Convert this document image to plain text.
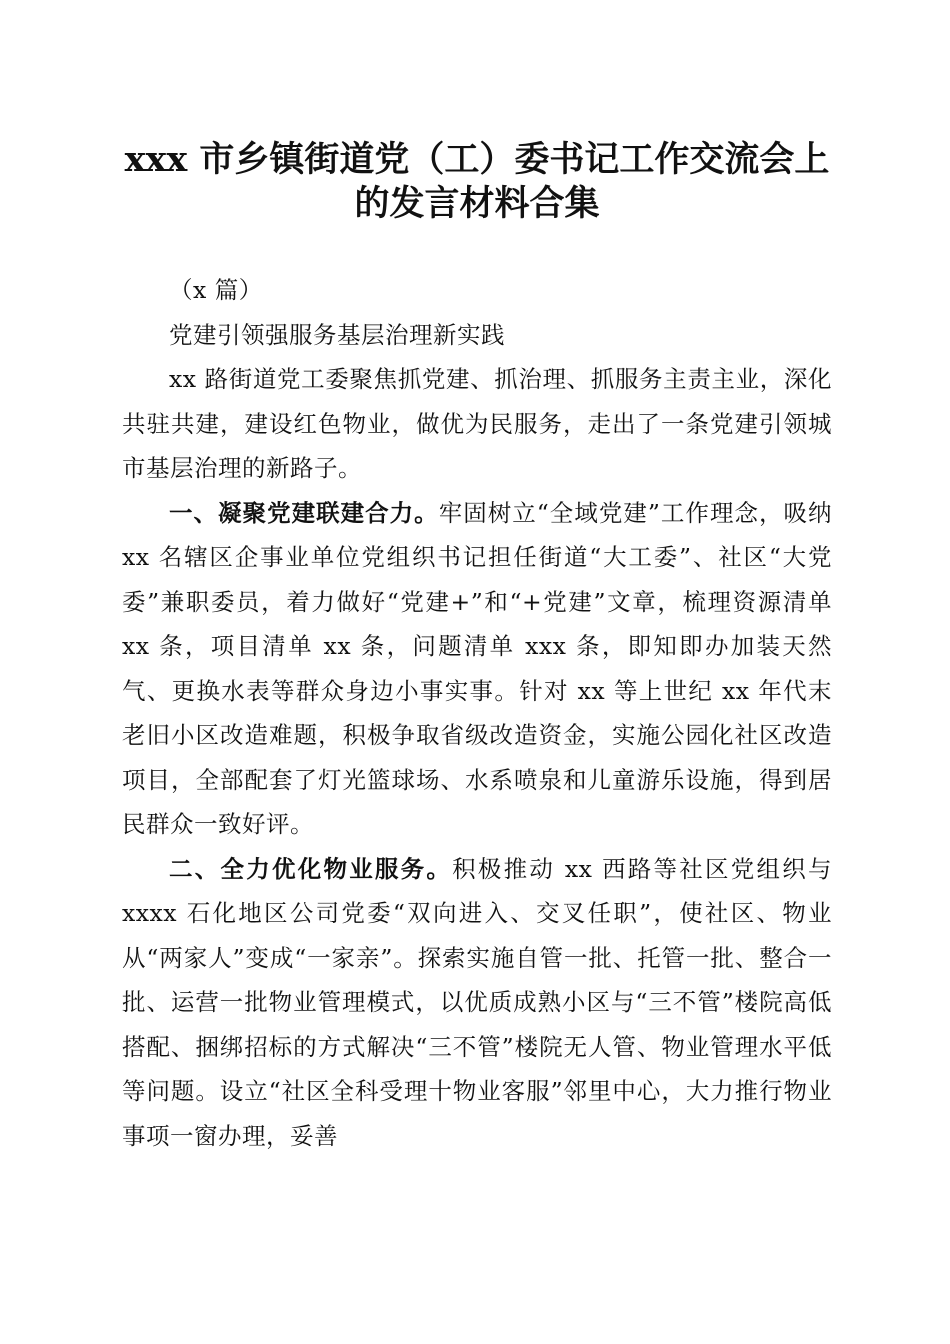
xxx 市乡镇街道党（工）委书记工作交流会上
的发言材料合集

（x 篇）

党建引领强服务基层治理新实践

xx 路街道党工委聚焦抓党建、抓治理、抓服务主责主业，深化共驻共建，建设红色物业，做优为民服务，走出了一条党建引领城市基层治理的新路子。

一、凝聚党建联建合力。牢固树立“全域党建”工作理念，吸纳 xx 名辖区企事业单位党组织书记担任街道“大工委”、社区“大党委”兼职委员，着力做好“党建+”和“+党建”文章，梳理资源清单 xx 条，项目清单 xx 条，问题清单 xxx 条，即知即办加装天然气、更换水表等群众身边小事实事。针对 xx 等上世纪 xx 年代末老旧小区改造难题，积极争取省级改造资金，实施公园化社区改造项目，全部配套了灯光篮球场、水系喷泉和儿童游乐设施，得到居民群众一致好评。

二、全力优化物业服务。积极推动 xx 西路等社区党组织与 xxxx 石化地区公司党委“双向进入、交叉任职”，使社区、物业从“两家人”变成“一家亲”。探索实施自管一批、托管一批、整合一批、运营一批物业管理模式，以优质成熟小区与“三不管”楼院高低搭配、捆绑招标的方式解决“三不管”楼院无人管、物业管理水平低等问题。设立“社区全科受理十物业客服”邻里中心，大力推行物业事项一窗办理，妥善
